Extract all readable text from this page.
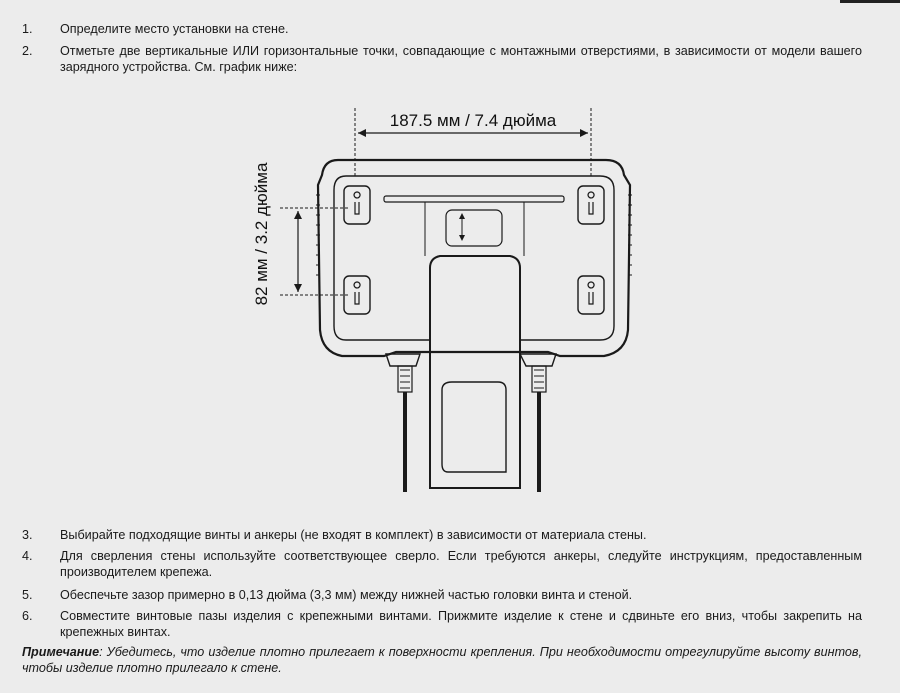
1.	Определите место установки на стене.
2.	Отметьте две вертикальные ИЛИ горизонтальные точки, совпадающие с монтажными отверстиями, в зависимости от модели вашего зарядного устройства. См. график ниже:
187.5 мм / 7.4 дюйма
82 мм / 3.2 дюйма
3.	Выбирайте подходящие винты и анкеры (не входят в комплект) в зависимости от материала стены.
4.	Для сверления стены используйте соответствующее сверло. Если требуются анкеры, следуйте инструкциям, предоставленным производителем крепежа.
5.	Обеспечьте зазор примерно в 0,13 дюйма (3,3 мм) между нижней частью головки винта и стеной.
6.	Совместите винтовые пазы изделия с крепежными винтами. Прижмите изделие к стене и сдвиньте его вниз, чтобы закрепить на крепежных винтах.
Примечание: Убедитесь, что изделие плотно прилегает к поверхности крепления. При необходимости отрегулируйте высоту винтов, чтобы изделие плотно прилегало к стене.
